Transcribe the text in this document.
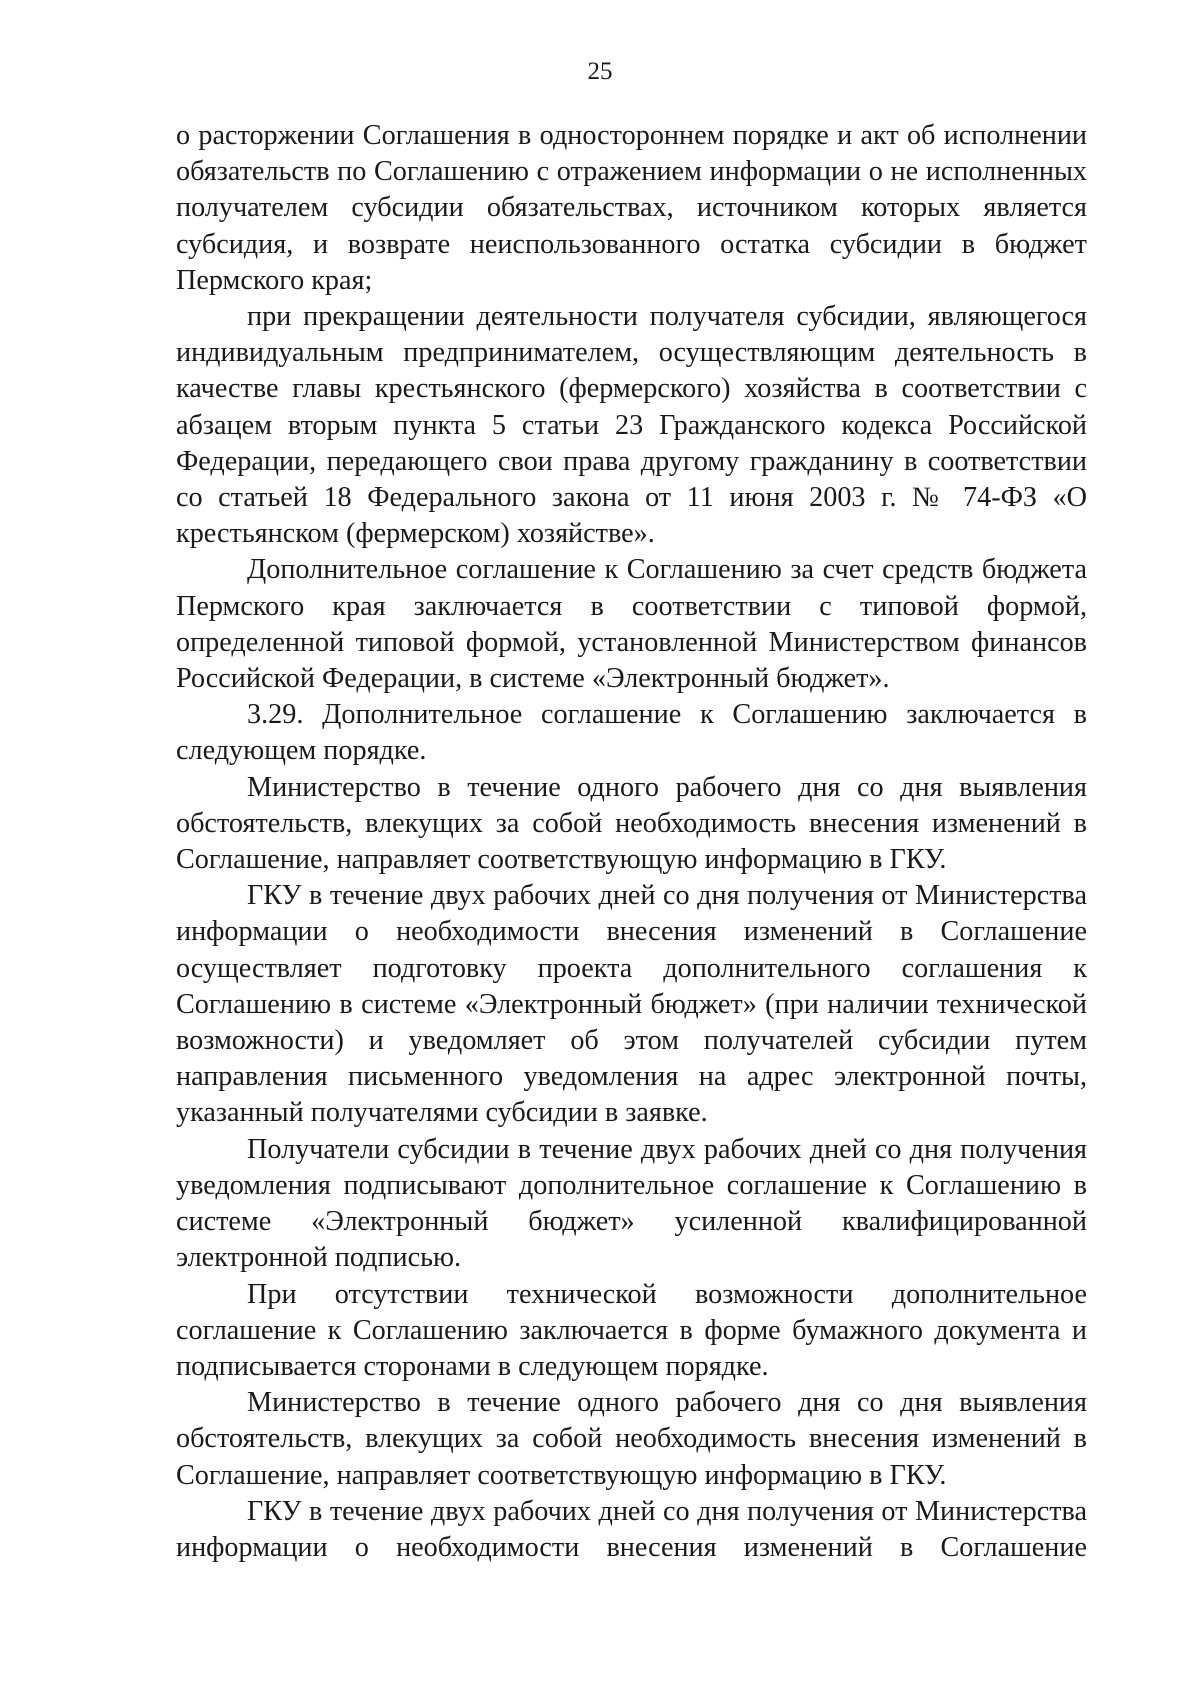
25

о расторжении Соглашения в одностороннем порядке и акт об исполнении обязательств по Соглашению с отражением информации о не исполненных получателем субсидии обязательствах, источником которых является субсидия, и возврате неиспользованного остатка субсидии в бюджет Пермского края;

при прекращении деятельности получателя субсидии, являющегося индивидуальным предпринимателем, осуществляющим деятельность в качестве главы крестьянского (фермерского) хозяйства в соответствии с абзацем вторым пункта 5 статьи 23 Гражданского кодекса Российской Федерации, передающего свои права другому гражданину в соответствии со статьей 18 Федерального закона от 11 июня 2003 г. № 74-ФЗ «О крестьянском (фермерском) хозяйстве».

Дополнительное соглашение к Соглашению за счет средств бюджета Пермского края заключается в соответствии с типовой формой, определенной типовой формой, установленной Министерством финансов Российской Федерации, в системе «Электронный бюджет».

3.29. Дополнительное соглашение к Соглашению заключается в следующем порядке.

Министерство в течение одного рабочего дня со дня выявления обстоятельств, влекущих за собой необходимость внесения изменений в Соглашение, направляет соответствующую информацию в ГКУ.

ГКУ в течение двух рабочих дней со дня получения от Министерства информации о необходимости внесения изменений в Соглашение осуществляет подготовку проекта дополнительного соглашения к Соглашению в системе «Электронный бюджет» (при наличии технической возможности) и уведомляет об этом получателей субсидии путем направления письменного уведомления на адрес электронной почты, указанный получателями субсидии в заявке.

Получатели субсидии в течение двух рабочих дней со дня получения уведомления подписывают дополнительное соглашение к Соглашению в системе «Электронный бюджет» усиленной квалифицированной электронной подписью.

При отсутствии технической возможности дополнительное соглашение к Соглашению заключается в форме бумажного документа и подписывается сторонами в следующем порядке.

Министерство в течение одного рабочего дня со дня выявления обстоятельств, влекущих за собой необходимость внесения изменений в Соглашение, направляет соответствующую информацию в ГКУ.

ГКУ в течение двух рабочих дней со дня получения от Министерства информации о необходимости внесения изменений в Соглашение
